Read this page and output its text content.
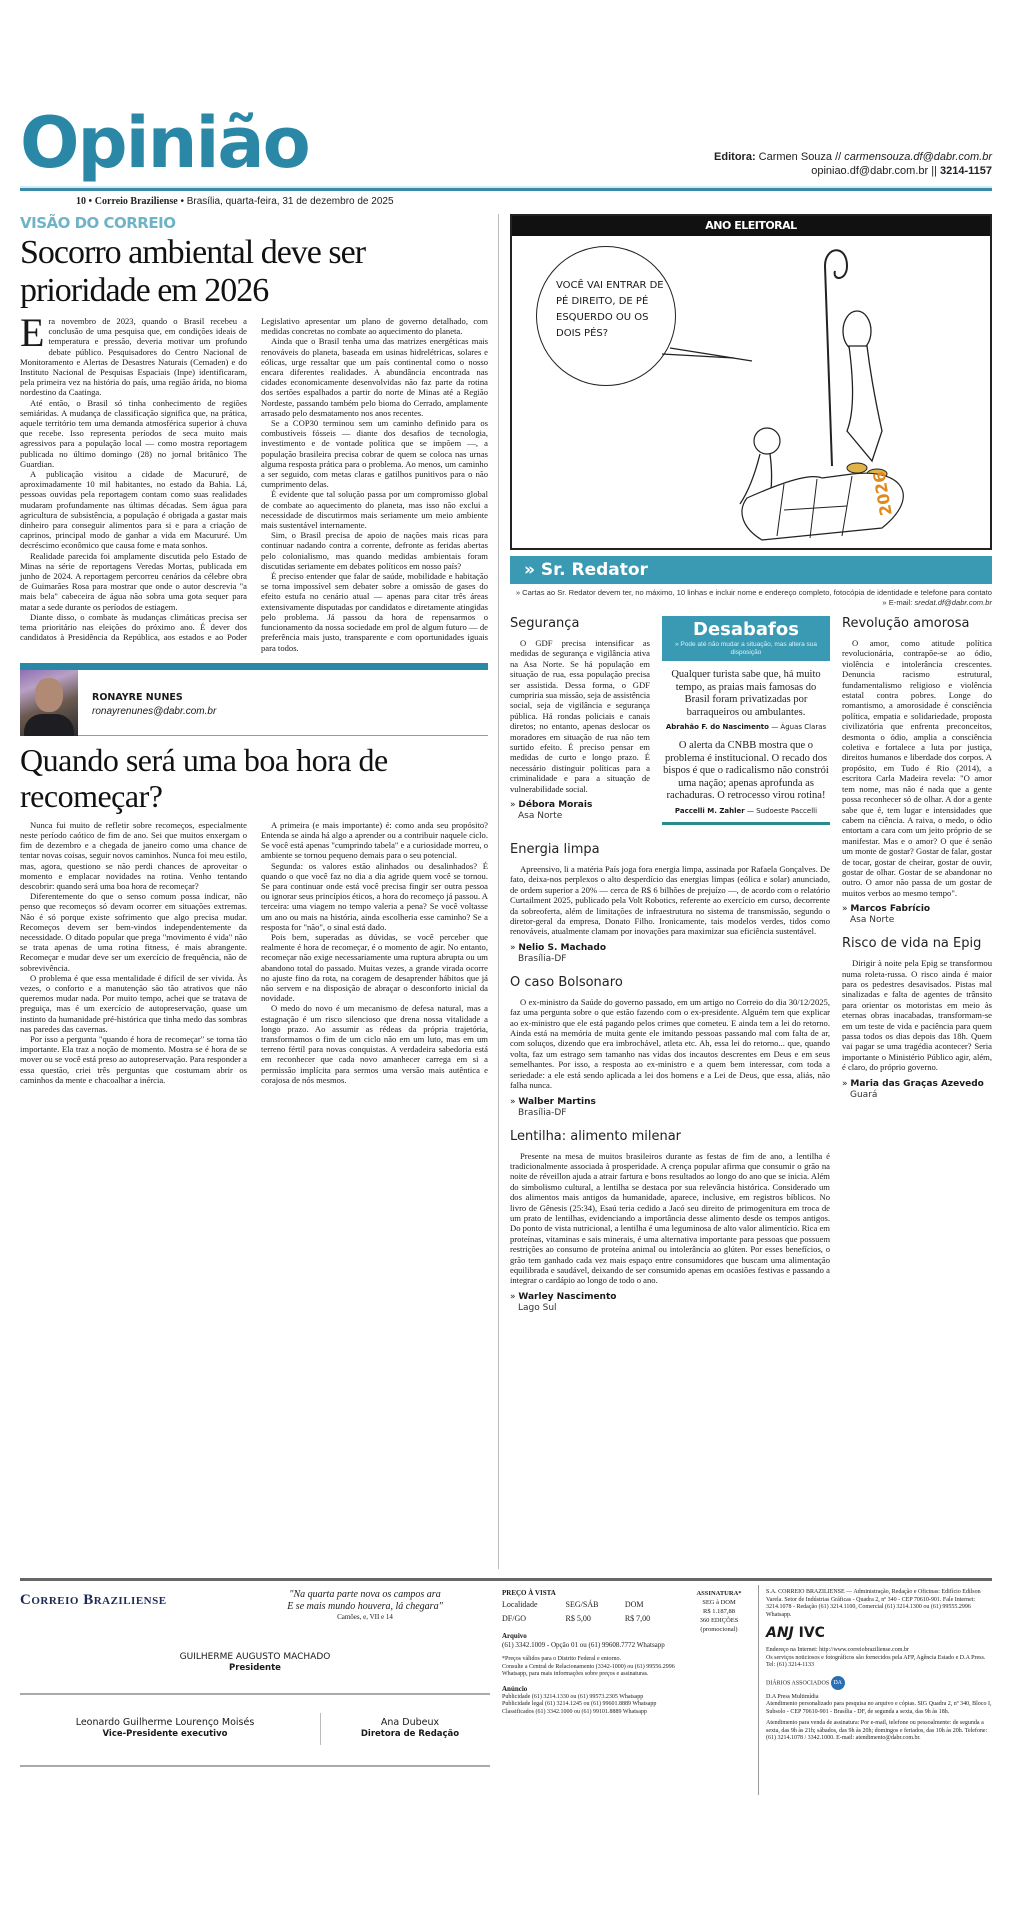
Opinião	Editora: Carmen Souza // carmensouza.df@dabr.com.br
opiniao.df@dabr.com.br || 3214-1157
10 • Correio Braziliense • Brasília, quarta-feira, 31 de dezembro de 2025
VISÃO DO CORREIO
Socorro ambiental deve ser prioridade em 2026

Era novembro de 2023, quando o Brasil recebeu a conclusão de uma pesquisa que, em condições ideais de temperatura e pressão, deveria motivar um profundo debate público. Pesquisadores do Centro Nacional de Monitoramento e Alertas de Desastres Naturais (Cemaden) e do Instituto Nacional de Pesquisas Espaciais (Inpe) identificaram, pela primeira vez na história do país, uma região árida, no bioma nordestino da Caatinga.

Até então, o Brasil só tinha conhecimento de regiões semiáridas. A mudança de classificação significa que, na prática, aquele território tem uma demanda atmosférica superior à chuva que recebe. Isso representa períodos de seca muito mais agressivos para a população local — como mostra reportagem publicada no último domingo (28) no jornal britânico The Guardian.

A publicação visitou a cidade de Macururé, de aproximadamente 10 mil habitantes, no estado da Bahia. Lá, pessoas ouvidas pela reportagem contam como suas realidades mudaram profundamente nas últimas décadas. Sem água para agricultura de subsistência, a população é obrigada a gastar mais dinheiro para conseguir alimentos para si e para a criação de caprinos, principal modo de ganhar a vida em Macururé. Um decréscimo econômico que causa fome e mata sonhos.

Realidade parecida foi amplamente discutida pelo Estado de Minas na série de reportagens Veredas Mortas, publicada em junho de 2024. A reportagem percorreu cenários da célebre obra de Guimarães Rosa para mostrar que onde o autor descrevia "a mais bela" cabeceira de água não sobra uma gota sequer para matar a sede durante os períodos de estiagem.

Diante disso, o combate às mudanças climáticas precisa ser tema prioritário nas eleições do próximo ano. É dever dos candidatos à Presidência da República, aos estados e ao Poder Legislativo apresentar um plano de governo detalhado, com medidas concretas no combate ao aquecimento do planeta.

Ainda que o Brasil tenha uma das matrizes energéticas mais renováveis do planeta, baseada em usinas hidrelétricas, solares e eólicas, urge ressaltar que um país continental como o nosso encara diferentes realidades. A abundância encontrada nas cidades economicamente desenvolvidas não faz parte da rotina dos sertões espalhados a partir do norte de Minas até a Região Nordeste, passando também pelo bioma do Cerrado, amplamente arrasado pelo desmatamento nos anos recentes.

Se a COP30 terminou sem um caminho definido para os combustíveis fósseis — diante dos desafios de tecnologia, investimento e de vontade política que se impõem —, a população brasileira precisa cobrar de quem se coloca nas urnas alguma resposta prática para o problema. Ao menos, um caminho a ser seguido, com metas claras e gatilhos punitivos para o não cumprimento delas.

É evidente que tal solução passa por um compromisso global de combate ao aquecimento do planeta, mas isso não exclui a necessidade de discutirmos mais seriamente um meio ambiente mais sustentável internamente.

Sim, o Brasil precisa de apoio de nações mais ricas para continuar nadando contra a corrente, defronte as feridas abertas pelo colonialismo, mas quando medidas ambientais foram discutidas seriamente em debates políticos em nosso país?

É preciso entender que falar de saúde, mobilidade e habitação se torna impossível sem debater sobre a omissão de gases do efeito estufa no cenário atual — apenas para citar três áreas extensivamente disputadas por candidatos e diretamente atingidas pelo problema. Já passou da hora de repensarmos o funcionamento da nossa sociedade em prol de algum futuro — de preferência mais justo, transparente e com oportunidades iguais para todos.

RONAYRE NUNES
ronayrenunes@dabr.com.br
Quando será uma boa hora de recomeçar?

Nunca fui muito de refletir sobre recomeços, especialmente neste período caótico de fim de ano. Sei que muitos enxergam o fim de dezembro e a chegada de janeiro como uma chance de tentar novas coisas, seguir novos caminhos. Nunca foi meu estilo, mas, agora, questiono se não perdi chances de aproveitar o momento e emplacar novidades na rotina. Venho tentando descobrir: quando será uma boa hora de recomeçar?

Diferentemente do que o senso comum possa indicar, não penso que recomeços só devam ocorrer em situações extremas. Não é só porque existe sofrimento que algo precisa mudar. Recomeços devem ser bem-vindos independentemente da necessidade. O ditado popular que prega "movimento é vida" não se trata apenas de uma rotina fitness, é mais abrangente. Recomeçar e mudar deve ser um exercício de frequência, não de sobrevivência.

O problema é que essa mentalidade é difícil de ser vivida. Às vezes, o conforto e a manutenção são tão atrativos que não queremos mudar nada. Por muito tempo, achei que se tratava de preguiça, mas é um exercício de autopreservação, quase um instinto da humanidade pré-histórica que tinha medo das sombras nas paredes das cavernas.

Por isso a pergunta "quando é hora de recomeçar" se torna tão importante. Ela traz a noção de momento. Mostra se é hora de se mover ou se você está preso ao autopreservação. Para responder a essa questão, criei três perguntas que costumam abrir os caminhos da mente e chacoalhar a inércia.

A primeira (e mais importante) é: como anda seu propósito? Entenda se ainda há algo a aprender ou a contribuir naquele ciclo. Se você está apenas "cumprindo tabela" e a curiosidade morreu, o ambiente se tornou pequeno demais para o seu potencial.

Segunda: os valores estão alinhados ou desalinhados? É quando o que você faz no dia a dia agride quem você se tornou. Se para continuar onde está você precisa fingir ser outra pessoa ou ignorar seus princípios éticos, a hora do recomeço já passou. A terceira: uma viagem no tempo valeria a pena? Se você voltasse um ano ou mais na história, ainda escolheria esse caminho? Se a resposta for "não", o sinal está dado.

Pois bem, superadas as dúvidas, se você perceber que realmente é hora de recomeçar, é o momento de agir. No entanto, recomeçar não exige necessariamente uma ruptura abrupta ou um abandono total do passado. Muitas vezes, a grande virada ocorre no ajuste fino da rota, na coragem de desaprender hábitos que já não servem e na disposição de abraçar o desconforto inicial da novidade.

O medo do novo é um mecanismo de defesa natural, mas a estagnação é um risco silencioso que drena nossa vitalidade a longo prazo. Ao assumir as rédeas da própria trajetória, transformamos o fim de um ciclo não em um luto, mas em um terreno fértil para novas conquistas. A verdadeira sabedoria está em reconhecer que cada novo amanhecer carrega em si a permissão implícita para sermos uma versão mais autêntica e corajosa de nós mesmos.

ANO ELEITORAL
VOCÊ VAI ENTRAR DE PÉ DIREITO, DE PÉ ESQUERDO OU OS DOIS PÉS?
2026
» Sr. Redator
» Cartas ao Sr. Redator devem ter, no máximo, 10 linhas e incluir nome e endereço completo, fotocópia de identidade e telefone para contato
» E-mail: sredat.df@dabr.com.br
Segurança

O GDF precisa intensificar as medidas de segurança e vigilância ativa na Asa Norte. Se há população em situação de rua, essa população precisa ser assistida. Dessa forma, o GDF cumpriria sua missão, seja de assistência social, seja de vigilância e segurança pública. Há rondas policiais e canais diretos; no entanto, apenas deslocar os moradores em situação de rua não tem surtido efeito. É preciso pensar em medidas de curto e longo prazo. É necessário distinguir políticas para a criminalidade e para a situação de vulnerabilidade social.

» Débora Morais
Asa Norte
Desabafos
» Pode até não mudar a situação, mas altera sua disposição
Qualquer turista sabe que, há muito tempo, as praias mais famosas do Brasil foram privatizadas por barraqueiros ou ambulantes.
Abrahão F. do Nascimento — Águas Claras
O alerta da CNBB mostra que o problema é institucional. O recado dos bispos é que o radicalismo não constrói uma nação; apenas aprofunda as rachaduras. O retrocesso virou rotina!
Paccelli M. Zahler — Sudoeste Paccelli
Revolução amorosa

O amor, como atitude política revolucionária, contrapõe-se ao ódio, violência e intolerância crescentes. Denuncia racismo estrutural, fundamentalismo religioso e violência estatal contra pobres. Longe do romantismo, a amorosidade é consciência política, empatia e solidariedade, proposta civilizatória que enfrenta preconceitos, desmonta o ódio, amplia a consciência coletiva e fortalece a luta por justiça, direitos humanos e liberdade dos corpos. A propósito, em Tudo é Rio (2014), a escritora Carla Madeira revela: "O amor tem nome, mas não é nada que a gente possa reconhecer só de olhar. A dor a gente sabe que é, tem lugar e intensidades que cabem na ciência. A raiva, o medo, o ódio entortam a cara com um jeito próprio de se manifestar. Mas e o amor? O que é senão um monte de gostar? Gostar de falar, gostar de tocar, gostar de cheirar, gostar de ouvir, gostar de olhar. Gostar de se abandonar no outro. O amor não passa de um gostar de muitos verbos ao mesmo tempo".

» Marcos Fabrício
Asa Norte
Risco de vida na Epig

Dirigir à noite pela Epig se transformou numa roleta-russa. O risco ainda é maior para os pedestres desavisados. Pistas mal sinalizadas e falta de agentes de trânsito para orientar os motoristas em meio às eternas obras inacabadas, transformam-se em um teste de vida e paciência para quem passa todos os dias depois das 18h. Quem vai pagar se uma tragédia acontecer? Seria importante o Ministério Público agir, além, é claro, do próprio governo.

» Maria das Graças Azevedo
Guará
Energia limpa

Apreensivo, li a matéria País joga fora energia limpa, assinada por Rafaela Gonçalves. De fato, deixa-nos perplexos o alto desperdício das energias limpas (eólica e solar) anunciado, de ordem superior a 20% — cerca de R$ 6 bilhões de prejuízo —, de acordo com o relatório Curtailment 2025, publicado pela Volt Robotics, referente ao exercício em curso, decorrente da sobreoferta, além de limitações de infraestrutura no sistema de transmissão, segundo o diretor-geral da empresa, Donato Filho. Ironicamente, tais modelos verdes, tidos como renováveis, atualmente clamam por inovações para maximizar sua eficiência sustentável.

» Nelio S. Machado
Brasília-DF
O caso Bolsonaro

O ex-ministro da Saúde do governo passado, em um artigo no Correio do dia 30/12/2025, faz uma pergunta sobre o que estão fazendo com o ex-presidente. Alguém tem que explicar ao ex-ministro que ele está pagando pelos crimes que cometeu. E ainda tem a lei do retorno. Ainda está na memória de muita gente ele imitando pessoas passando mal com falta de ar, com soluços, dizendo que era imbrochável, atleta etc. Ah, essa lei do retorno... que, quando volta, faz um estrago sem tamanho nas vidas dos incautos descrentes em Deus e em seus semelhantes. Por isso, a resposta ao ex-ministro e a quem bem interessar, com toda a seriedade: a ele está sendo aplicada a lei dos homens e a Lei de Deus, que essa, aliás, não falha nunca.

» Walber Martins
Brasília-DF
Lentilha: alimento milenar

Presente na mesa de muitos brasileiros durante as festas de fim de ano, a lentilha é tradicionalmente associada à prosperidade. A crença popular afirma que consumir o grão na noite de réveillon ajuda a atrair fartura e bons resultados ao longo do ano que se inicia. Além do simbolismo cultural, a lentilha se destaca por sua relevância histórica. Considerado um dos alimentos mais antigos da humanidade, aparece, inclusive, em registros bíblicos. No livro de Gênesis (25:34), Esaú teria cedido a Jacó seu direito de primogenitura em troca de um prato de lentilhas, evidenciando a importância desse alimento desde os tempos antigos. Do ponto de vista nutricional, a lentilha é uma leguminosa de alto valor alimentício. Rica em proteínas, vitaminas e sais minerais, é uma alternativa importante para pessoas que possuem restrições ao consumo de proteína animal ou intolerância ao glúten. Por esses benefícios, o grão tem ganhado cada vez mais espaço entre consumidores que buscam uma alimentação equilibrada e saudável, deixando de ser consumido apenas em ocasiões festivas e passando a integrar o cardápio ao longo de todo o ano.

» Warley Nascimento
Lago Sul
Correio Braziliense	"Na quarta parte nova os campos ara
E se mais mundo houvera, lá chegara"
Camões, e, VII e 14
GUILHERME AUGUSTO MACHADO
Presidente
Leonardo Guilherme Lourenço Moisés
Vice-Presidente executivo
Ana Dubeux
Diretora de Redação
PREÇO À VISTA
Localidade	SEG/SÁB	DOM
DF/GO	R$ 5,00	R$ 7,00
Arquivo
(61) 3342.1009 - Opção 01 ou (61) 99608.7772 Whatsapp
*Preços válidos para o Distrito Federal e entorno.
Consulte a Central de Relacionamento (3342-1000) ou (61) 99556.2996 Whatsapp, para mais informações sobre preços e assinaturas.
Anúncio
Publicidade (61) 3214.1330 ou (61) 99573.2305 Whatsapp
Publicidade legal (61) 3214.1245 ou (61) 99601.8889 Whatsapp
Classificados (61) 3342.1000 ou (61) 99101.8889 Whatsapp
ASSINATURA*
SEG à DOM
R$ 1.187,88
360 EDIÇÕES
(promocional)
S.A. CORREIO BRAZILIENSE — Administração, Redação e Oficinas: Edifício Edilson Varela. Setor de Indústrias Gráficas - Quadra 2, nº 340 - CEP 70610-901. Fale Internet: 3214.1078 - Redação (61) 3214.1100, Comercial (61) 3214.1300 ou (61) 99555.2996 Whatsapp.
ANJ IVC
Endereço na Internet: http://www.correiobraziliense.com.br
Os serviços noticiosos e fotográficos são fornecidos pela AFP, Agência Estado e D.A Press. Tel: (61) 3214-1133
DIÁRIOS ASSOCIADOS DA
D.A Press Multimídia
Atendimento personalizado para pesquisa no arquivo e cópias. SIG Quadra 2, nº 340, Bloco I, Subsolo - CEP 70610-901 - Brasília - DF, de segunda a sexta, das 9h às 18h.
Atendimento para venda de assinatura: Por e-mail, telefone ou pessoalmente: de segunda a sexta, das 9h às 21h; sábados, das 9h às 20h; domingos e feriados, das 10h às 20h. Telefone: (61) 3214.1078 / 3342.1000. E-mail: atendimento@dabr.com.br.
